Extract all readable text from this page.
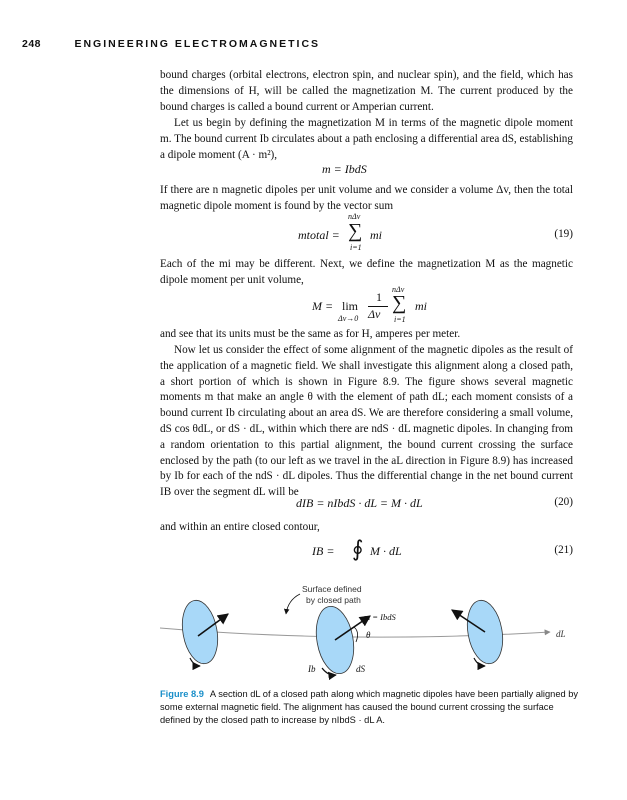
248	ENGINEERING ELECTROMAGNETICS
bound charges (orbital electrons, electron spin, and nuclear spin), and the field, which has the dimensions of H, will be called the magnetization M. The current produced by the bound charges is called a bound current or Amperian current.
Let us begin by defining the magnetization M in terms of the magnetic dipole moment m. The bound current Ib circulates about a path enclosing a differential area dS, establishing a dipole moment (A · m²),
m = IbdS
If there are n magnetic dipoles per unit volume and we consider a volume Δv, then the total magnetic dipole moment is found by the vector sum
mtotal =
nΔv
∑
i=1
mi	(19)
Each of the mi may be different. Next, we define the magnetization M as the magnetic dipole moment per unit volume,
M = lim
Δv→0
1
Δv
nΔv
∑
i=1
mi
and see that its units must be the same as for H, amperes per meter.
Now let us consider the effect of some alignment of the magnetic dipoles as the result of the application of a magnetic field. We shall investigate this alignment along a closed path, a short portion of which is shown in Figure 8.9. The figure shows several magnetic moments m that make an angle θ with the element of path dL; each moment consists of a bound current Ib circulating about an area dS. We are therefore considering a small volume, dS cos θdL, or dS · dL, within which there are ndS · dL magnetic dipoles. In changing from a random orientation to this partial alignment, the bound current crossing the surface enclosed by the path (to our left as we travel in the aL direction in Figure 8.9) has increased by Ib for each of the ndS · dL dipoles. Thus the differential change in the net bound current IB over the segment dL will be
dIB = nIbdS · dL = M · dL	(20)
and within an entire closed contour,
IB = ∮ M · dL	(21)
Surface defined
by closed path
m = IbdS
θ	dL
Ib	dS
Figure 8.9 A section dL of a closed path along which magnetic dipoles have been partially aligned by some external magnetic field. The alignment has caused the bound current crossing the surface defined by the closed path to increase by nIbdS · dL A.
